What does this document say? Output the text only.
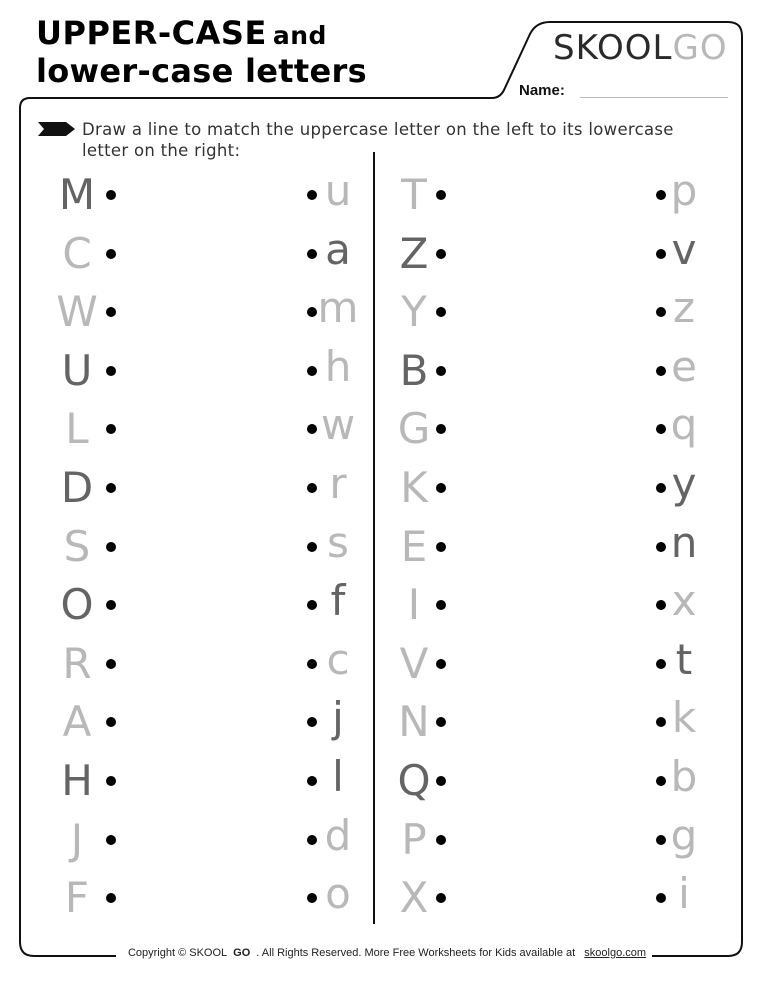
UPPER-CASE and
lower-case letters
SKOOLGO
Name:
Draw a line to match the uppercase letter on the left to its lowercase letter on the right:
M	u
C	a
W	m
U	h
L	w
D	r
S	s
O	f
R	c
A	j
H	l
J	d
F	o
T	p
Z	v
Y	z
B	e
G	q
K	y
E	n
I	x
V	t
N	k
Q	b
P	g
X	i
Copyright © SKOOL GO . All Rights Reserved. More Free Worksheets for Kids available at skoolgo.com
